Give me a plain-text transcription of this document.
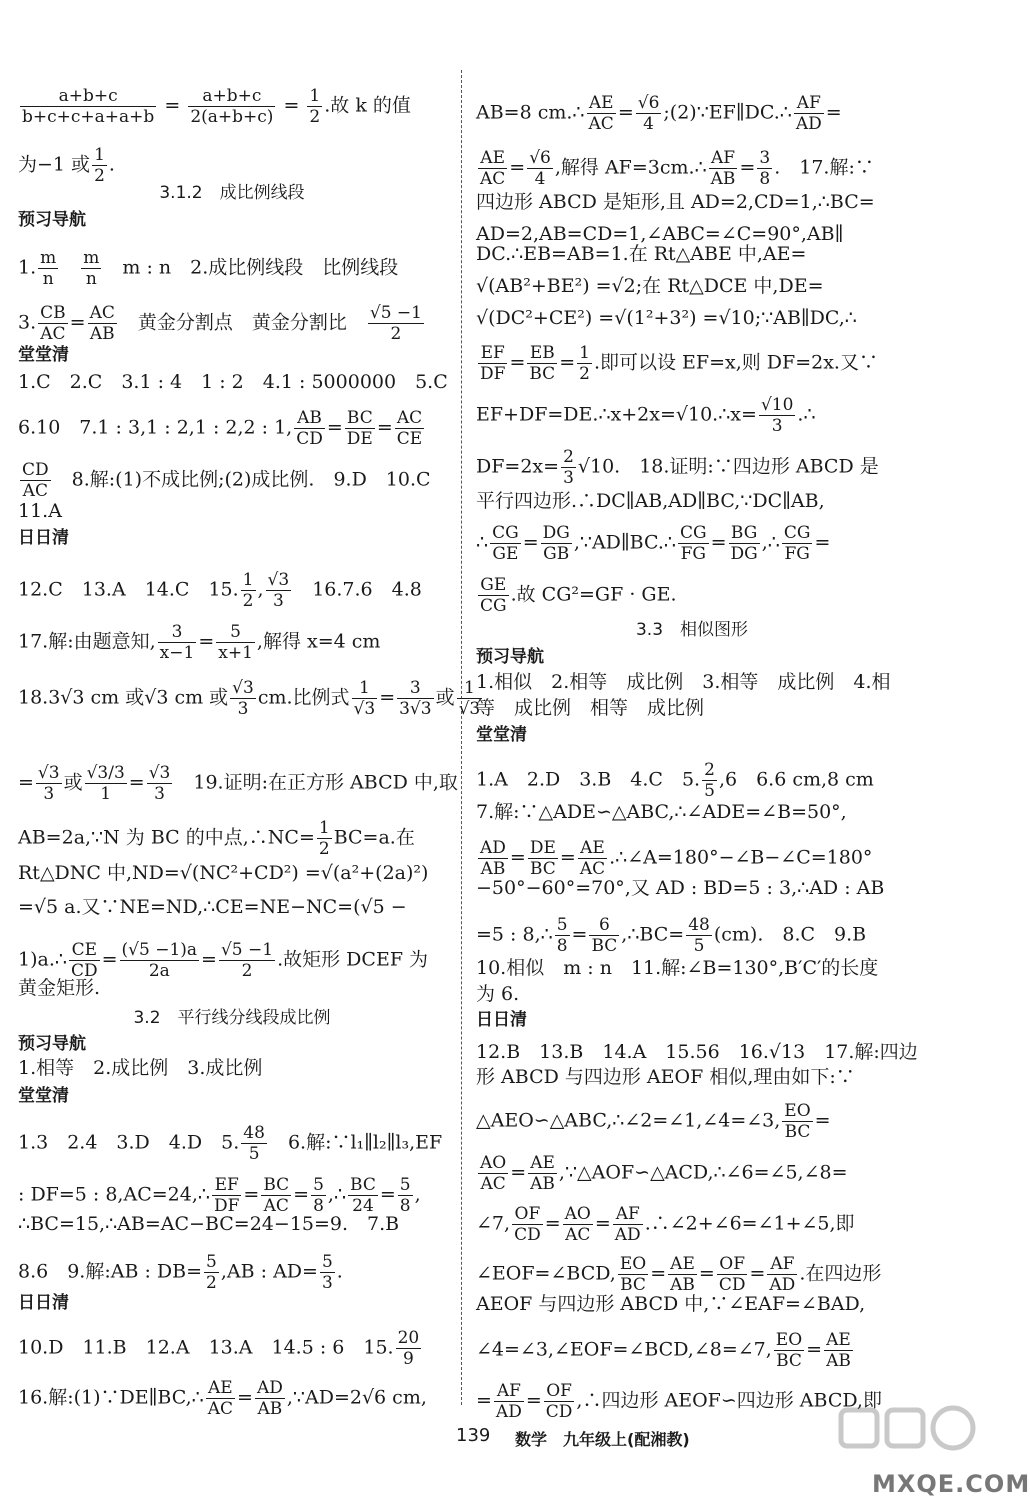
$\frac{a+b+c}{b+c+c+a+a+b} = \frac{a+b+c}{2(a+b+c)} = \frac{1}{2}$ .故 k 的值
为−1 或 $\frac{1}{2}$ .
3.1.2　成比例线段
预习导航
1. $\frac{m}{n}$
　 $\frac{m}{n}$ 　m : n　2.成比例线段　比例线段
3. $\frac{CB}{AC} = \frac{AC}{AB}$ 　黄金分割点　黄金分割比　 $\frac{√5 -1}{2}$
堂堂清
1.C　2.C　3.1 : 4　1 : 2　4.1 : 5000000　5.C
6.10　7.1 : 3,1 : 2,1 : 2,2 : 1, $\frac{AB}{CD} = \frac{BC}{DE} = \frac{AC}{CE}$
$\frac{CD}{AC}$ 　8.解:(1)不成比例;(2)成比例.　9.D　10.C
11.A
日日清
12.C　13.A　14.C　15. $\frac{1}{2}$ , $\frac{√3}{3}$ 　16.7.6　4.8
17.解:由题意知, $\frac{3}{x-1} = \frac{5}{x+1}$ ,解得 x=4 cm
18.3√3 cm 或√3 cm 或 $\frac{√3}{3}$ cm.比例式 $\frac{1}{√3} = \frac{3}{3√3}$ 或 $\frac{1}{√3}$
= $\frac{√3}{3}$ 或 $\frac{√3/3}{1} = \frac{√3}{3}$ 　19.证明:在正方形 ABCD 中,取
AB=2a,∵N 为 BC 的中点,∴NC= $\frac{1}{2} BC=a$.在
Rt△DNC 中,ND=√(NC²+CD²) =√(a²+(2a)²)
=√5 a.又∵NE=ND,∴CE=NE−NC=(√5 −
1)a.∴ $\frac{CE}{CD} = \frac{(√5 -1)a}{2a} = \frac{√5 -1}{2}$ .故矩形 DCEF 为
黄金矩形.
3.2　平行线分线段成比例
预习导航
1.相等　2.成比例　3.成比例
堂堂清
1.3　2.4　3.D　4.D　5. $\frac{48}{5}$ 　6.解:∵l₁∥l₂∥l₃,EF
: DF=5 : 8,AC=24,∴ $\frac{EF}{DF} = \frac{BC}{AC} = \frac{5}{8}$ ,∴ $\frac{BC}{24} = \frac{5}{8}$ ,
∴BC=15,∴AB=AC−BC=24−15=9.　7.B
8.6　9.解:AB : $DB= \frac{5}{2} ,AB$ : $AD= \frac{5}{3}$ .
日日清
10.D　11.B　12.A　13.A　14.5 : 6　15. $\frac{20}{9}$
16.解:(1)∵DE∥BC,∴ $\frac{AE}{AC} = \frac{AD}{AB}$ ,∵AD=2√6 cm,
AB=8 cm.∴ $\frac{AE}{AC} = \frac{√6}{4}$ ;(2)∵EF∥DC.∴ $\frac{AF}{AD}$ =
$\frac{AE}{AC} = \frac{√6}{4}$ ,解得 AF=3cm.∴ $\frac{AF}{AB} = \frac{3}{8}$ .　17.解:∵
四边形 ABCD 是矩形,且 AD=2,CD=1,∴BC=
AD=2,AB=CD=1,∠ABC=∠C=90°,AB∥
DC.∴EB=AB=1.在 Rt△ABE 中,AE=
√(AB²+BE²) =√2;在 Rt△DCE 中,DE=
√(DC²+CE²) =√(1²+3²) =√10;∵AB∥DC,∴
$\frac{EF}{DF} = \frac{EB}{BC} = \frac{1}{2}$ .即可以设 EF=x,则 DF=2x.又∵
EF+DF=DE.∴x+2x=√10.∴x= $\frac{√10}{3}$ .∴
$DF=2x= \frac{2}{3} √10$.　18.证明:∵四边形 ABCD 是
平行四边形.∴DC∥AB,AD∥BC,∵DC∥AB,
∴ $\frac{CG}{GE} = \frac{DG}{GB}$ ,∵AD∥BC.∴ $\frac{CG}{FG} = \frac{BG}{DG}$ ,∴ $\frac{CG}{FG}$ =
$\frac{GE}{CG}$ .故 CG²=GF · GE.
3.3　相似图形
预习导航
1.相似　2.相等　成比例　3.相等　成比例　4.相
等　成比例　相等　成比例
堂堂清
1.A　2.D　3.B　4.C　5. $\frac{2}{5} ,6$　6.6 cm,8 cm
7.解:∵△ADE∽△ABC,∴∠ADE=∠B=50°,
$\frac{AD}{AB} = \frac{DE}{BC} = \frac{AE}{AC}$ .∴∠A=180°−∠B−∠C=180°
−50°−60°=70°,又 AD : BD=5 : 3,∴AD : AB
=5 : 8,∴ $\frac{5}{8} = \frac{6}{BC}$ ,∴BC= $\frac{48}{5} (cm)$.　8.C　9.B
10.相似　m : n　11.解:∠B=130°,B′C′的长度
为 6.
日日清
12.B　13.B　14.A　15.56　16.√13　17.解:四边
形 ABCD 与四边形 AEOF 相似,理由如下:∵
△AEO∽△ABC,∴∠2=∠1,∠4=∠3, $\frac{EO}{BC}$ =
$\frac{AO}{AC} = \frac{AE}{AB}$ ,∵△AOF∽△ACD,∴∠6=∠5,∠8=
∠7, $\frac{OF}{CD} = \frac{AO}{AC} = \frac{AF}{AD}$ .∴∠2+∠6=∠1+∠5,即
∠EOF=∠BCD, $\frac{EO}{BC} = \frac{AE}{AB} = \frac{OF}{CD} = \frac{AF}{AD}$ .在四边形
AEOF 与四边形 ABCD 中,∵∠EAF=∠BAD,
∠4=∠3,∠EOF=∠BCD,∠8=∠7, $\frac{EO}{BC} = \frac{AE}{AB}$
= $\frac{AF}{AD} = \frac{OF}{CD}$ ,∴四边形 AEOF∽四边形 ABCD,即
139 数学　九年级上(配湘教)
MXQE.COM
